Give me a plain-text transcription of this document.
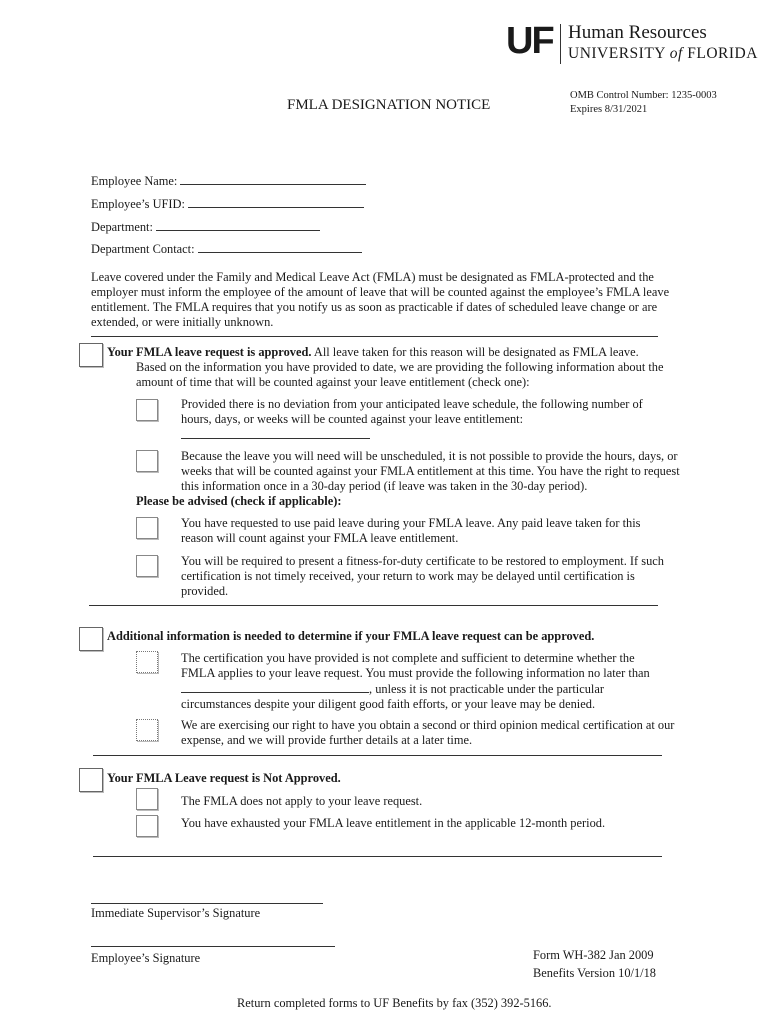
UF Human Resources
UNIVERSITY of FLORIDA
FMLA DESIGNATION NOTICE
OMB Control Number: 1235-0003
Expires 8/31/2021
Employee Name:
Employee’s UFID:
Department:
Department Contact:
Leave covered under the Family and Medical Leave Act (FMLA) must be designated as FMLA-protected and the employer must inform the employee of the amount of leave that will be counted against the employee’s FMLA leave entitlement. The FMLA requires that you notify us as soon as practicable if dates of scheduled leave change or are extended, or were initially unknown.
Your FMLA leave request is approved. All leave taken for this reason will be designated as FMLA leave.
Based on the information you have provided to date, we are providing the following information about the amount of time that will be counted against your leave entitlement (check one):
Provided there is no deviation from your anticipated leave schedule, the following number of hours, days, or weeks will be counted against your leave entitlement:
Because the leave you will need will be unscheduled, it is not possible to provide the hours, days, or weeks that will be counted against your FMLA entitlement at this time. You have the right to request this information once in a 30-day period (if leave was taken in the 30-day period).
Please be advised (check if applicable):
You have requested to use paid leave during your FMLA leave. Any paid leave taken for this reason will count against your FMLA leave entitlement.
You will be required to present a fitness-for-duty certificate to be restored to employment. If such certification is not timely received, your return to work may be delayed until certification is provided.
Additional information is needed to determine if your FMLA leave request can be approved.
The certification you have provided is not complete and sufficient to determine whether the FMLA applies to your leave request. You must provide the following information no later than , unless it is not practicable under the particular circumstances despite your diligent good faith efforts, or your leave may be denied.
We are exercising our right to have you obtain a second or third opinion medical certification at our expense, and we will provide further details at a later time.
Your FMLA Leave request is Not Approved.
The FMLA does not apply to your leave request.
You have exhausted your FMLA leave entitlement in the applicable 12-month period.
Immediate Supervisor’s Signature
Employee’s Signature	Form WH-382 Jan 2009
Benefits Version 10/1/18
Return completed forms to UF Benefits by fax (352) 392-5166.
